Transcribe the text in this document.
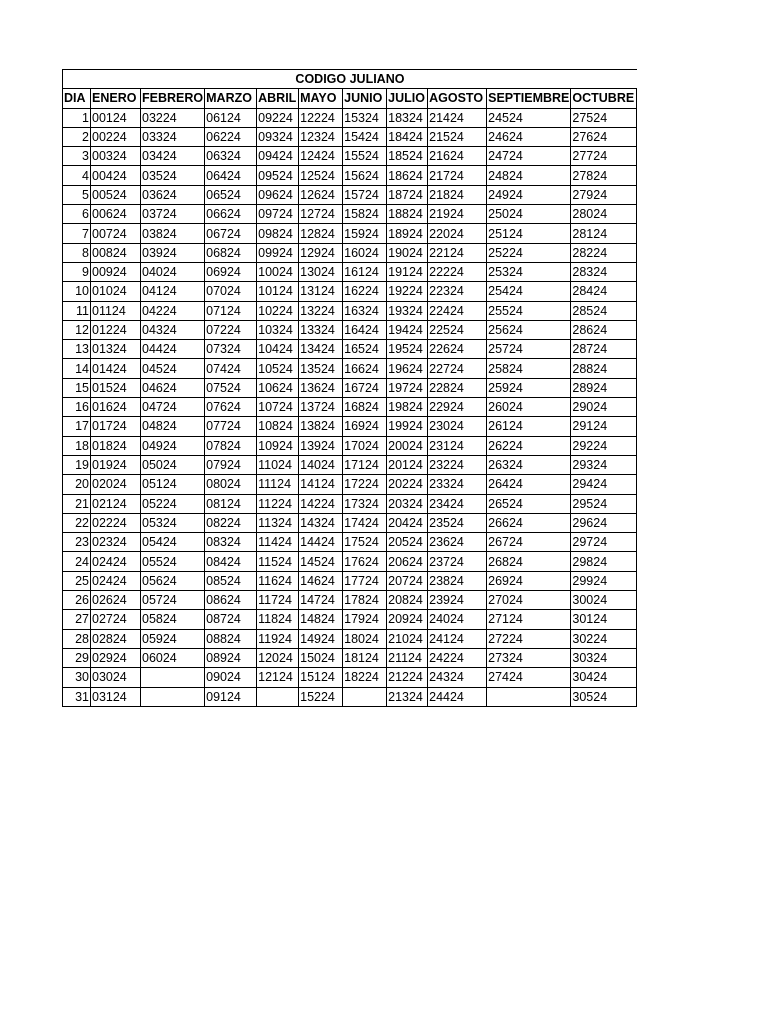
CODIGO JULIANO										
DIA	ENERO	FEBRERO	MARZO	ABRIL	MAYO	JUNIO	JULIO	AGOSTO	SEPTIEMBRE	OCTUBRE
1	00124	03224	06124	09224	12224	15324	18324	21424	24524	27524
2	00224	03324	06224	09324	12324	15424	18424	21524	24624	27624
3	00324	03424	06324	09424	12424	15524	18524	21624	24724	27724
4	00424	03524	06424	09524	12524	15624	18624	21724	24824	27824
5	00524	03624	06524	09624	12624	15724	18724	21824	24924	27924
6	00624	03724	06624	09724	12724	15824	18824	21924	25024	28024
7	00724	03824	06724	09824	12824	15924	18924	22024	25124	28124
8	00824	03924	06824	09924	12924	16024	19024	22124	25224	28224
9	00924	04024	06924	10024	13024	16124	19124	22224	25324	28324
10	01024	04124	07024	10124	13124	16224	19224	22324	25424	28424
11	01124	04224	07124	10224	13224	16324	19324	22424	25524	28524
12	01224	04324	07224	10324	13324	16424	19424	22524	25624	28624
13	01324	04424	07324	10424	13424	16524	19524	22624	25724	28724
14	01424	04524	07424	10524	13524	16624	19624	22724	25824	28824
15	01524	04624	07524	10624	13624	16724	19724	22824	25924	28924
16	01624	04724	07624	10724	13724	16824	19824	22924	26024	29024
17	01724	04824	07724	10824	13824	16924	19924	23024	26124	29124
18	01824	04924	07824	10924	13924	17024	20024	23124	26224	29224
19	01924	05024	07924	11024	14024	17124	20124	23224	26324	29324
20	02024	05124	08024	11124	14124	17224	20224	23324	26424	29424
21	02124	05224	08124	11224	14224	17324	20324	23424	26524	29524
22	02224	05324	08224	11324	14324	17424	20424	23524	26624	29624
23	02324	05424	08324	11424	14424	17524	20524	23624	26724	29724
24	02424	05524	08424	11524	14524	17624	20624	23724	26824	29824
25	02424	05624	08524	11624	14624	17724	20724	23824	26924	29924
26	02624	05724	08624	11724	14724	17824	20824	23924	27024	30024
27	02724	05824	08724	11824	14824	17924	20924	24024	27124	30124
28	02824	05924	08824	11924	14924	18024	21024	24124	27224	30224
29	02924	06024	08924	12024	15024	18124	21124	24224	27324	30324
30	03024		09024	12124	15124	18224	21224	24324	27424	30424
31	03124		09124		15224		21324	24424		30524
